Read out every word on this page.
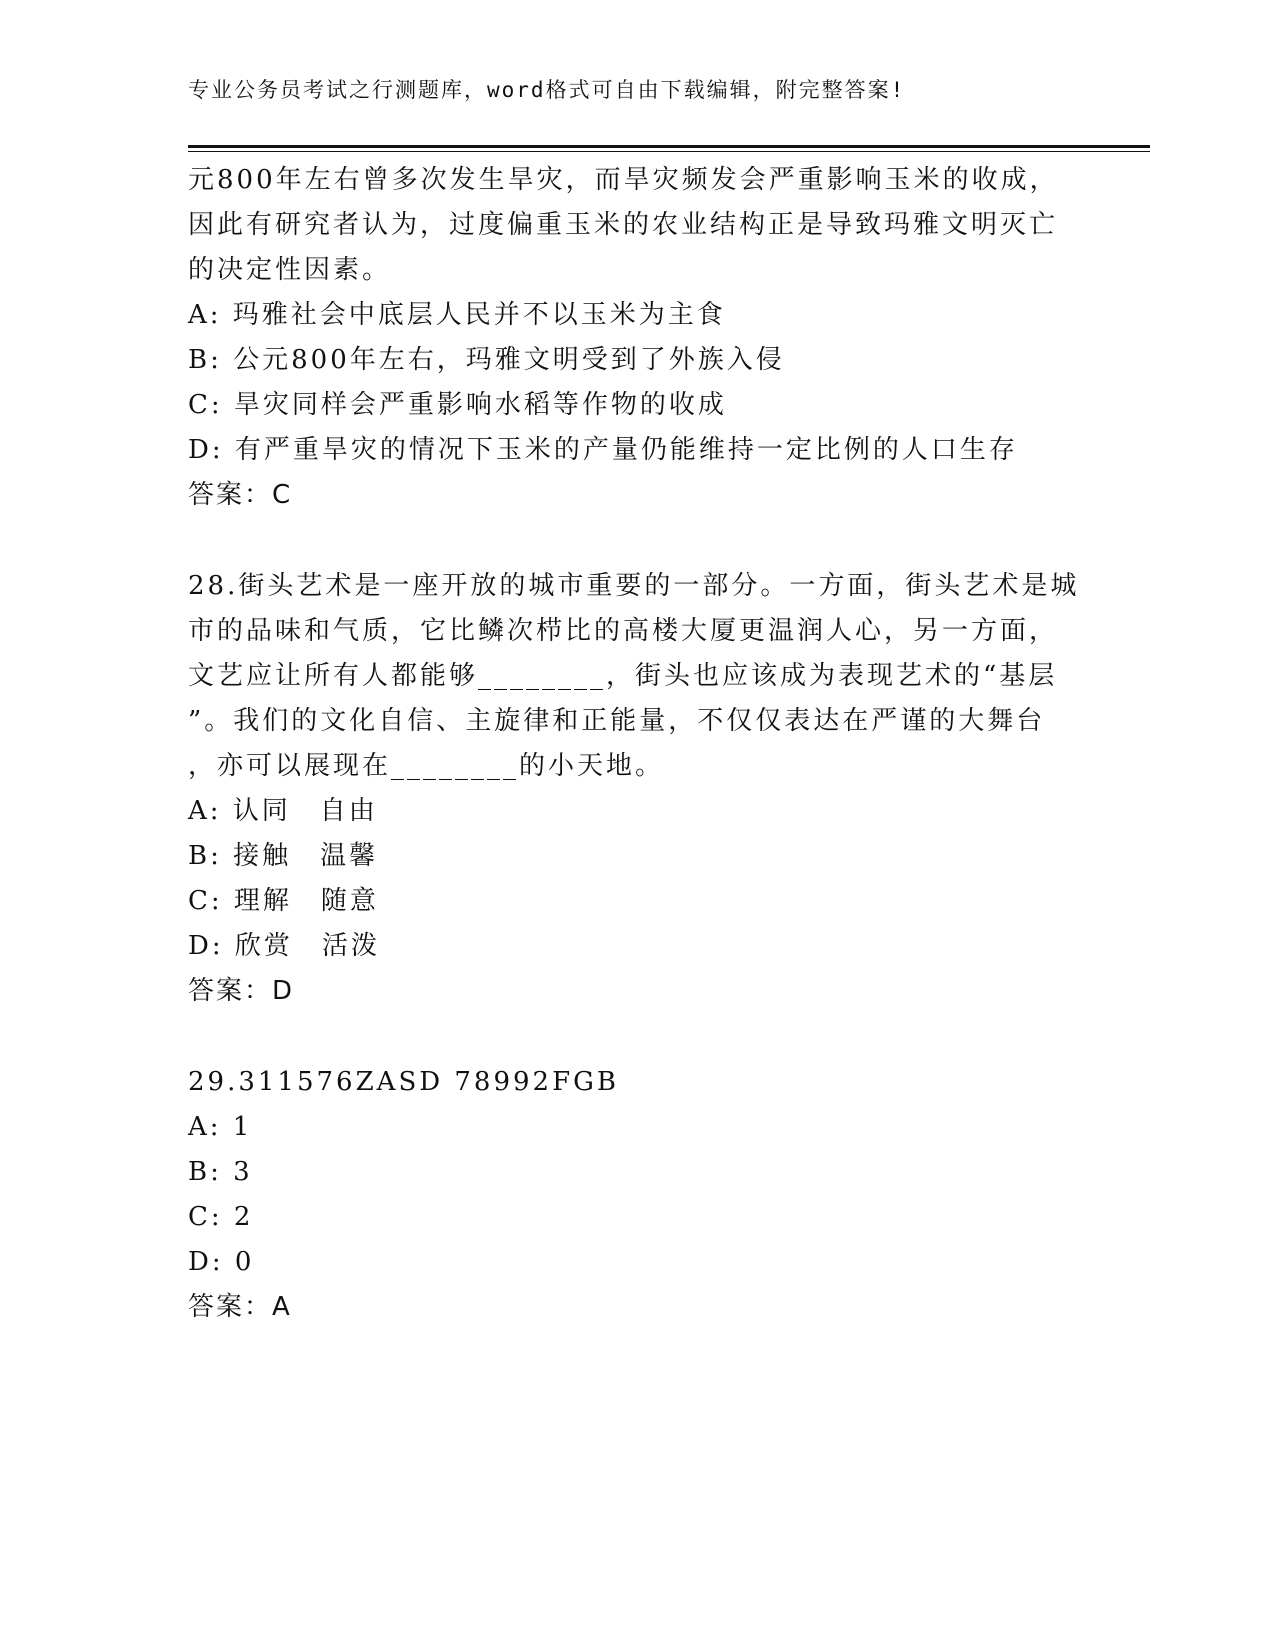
专业公务员考试之行测题库，word格式可自由下载编辑，附完整答案!
元800年左右曾多次发生旱灾，而旱灾频发会严重影响玉米的收成，
因此有研究者认为，过度偏重玉米的农业结构正是导致玛雅文明灭亡
的决定性因素。
A: 玛雅社会中底层人民并不以玉米为主食
B: 公元800年左右，玛雅文明受到了外族入侵
C: 旱灾同样会严重影响水稻等作物的收成
D: 有严重旱灾的情况下玉米的产量仍能维持一定比例的人口生存
答案：C
28.街头艺术是一座开放的城市重要的一部分。一方面，街头艺术是城
市的品味和气质，它比鳞次栉比的高楼大厦更温润人心，另一方面，
文艺应让所有人都能够________，街头也应该成为表现艺术的“基层
”。我们的文化自信、主旋律和正能量，不仅仅表达在严谨的大舞台
，亦可以展现在________的小天地。
A: 认同　自由
B: 接触　温馨
C: 理解　随意
D: 欣赏　活泼
答案：D
29.311576ZASD 78992FGB
A: 1
B: 3
C: 2
D: 0
答案：A
